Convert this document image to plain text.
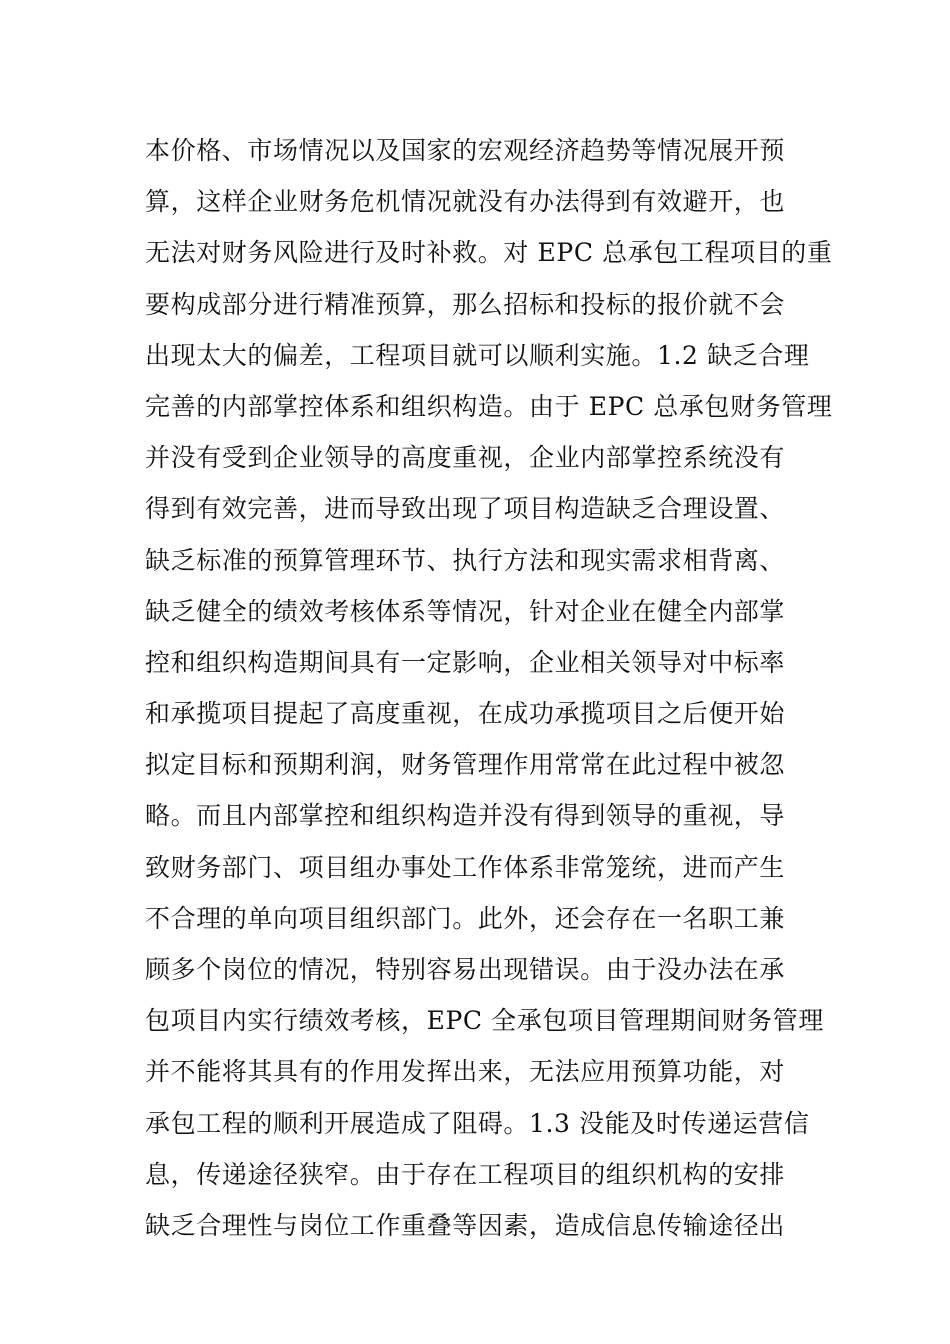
本价格、市场情况以及国家的宏观经济趋势等情况展开预
算，这样企业财务危机情况就没有办法得到有效避开，也
无法对财务风险进行及时补救。对 EPC 总承包工程项目的重
要构成部分进行精准预算，那么招标和投标的报价就不会
出现太大的偏差，工程项目就可以顺利实施。1.2 缺乏合理
完善的内部掌控体系和组织构造。由于 EPC 总承包财务管理
并没有受到企业领导的高度重视，企业内部掌控系统没有
得到有效完善，进而导致出现了项目构造缺乏合理设置、
缺乏标准的预算管理环节、执行方法和现实需求相背离、
缺乏健全的绩效考核体系等情况，针对企业在健全内部掌
控和组织构造期间具有一定影响，企业相关领导对中标率
和承揽项目提起了高度重视，在成功承揽项目之后便开始
拟定目标和预期利润，财务管理作用常常在此过程中被忽
略。而且内部掌控和组织构造并没有得到领导的重视，导
致财务部门、项目组办事处工作体系非常笼统，进而产生
不合理的单向项目组织部门。此外，还会存在一名职工兼
顾多个岗位的情况，特别容易出现错误。由于没办法在承
包项目内实行绩效考核，EPC 全承包项目管理期间财务管理
并不能将其具有的作用发挥出来，无法应用预算功能，对
承包工程的顺利开展造成了阻碍。1.3 没能及时传递运营信
息，传递途径狭窄。由于存在工程项目的组织机构的安排
缺乏合理性与岗位工作重叠等因素，造成信息传输途径出
